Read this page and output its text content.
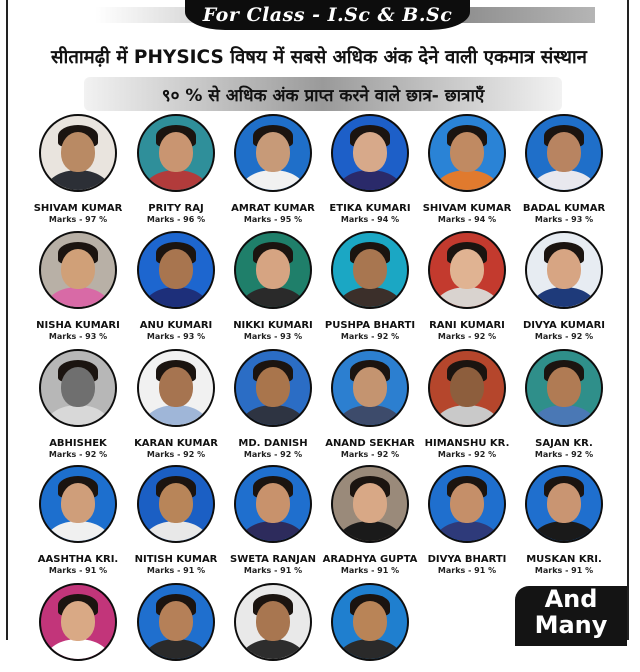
For Class - I.Sc & B.Sc
सीतामढ़ी में PHYSICS विषय में सबसे अधिक अंक देने वाली एकमात्र संस्थान
९० % से अधिक अंक प्राप्त करने वाले छात्र- छात्राएँ
SHIVAM KUMAR
Marks - 97 %
PRITY RAJ
Marks - 96 %
AMRAT KUMAR
Marks - 95 %
ETIKA KUMARI
Marks - 94 %
SHIVAM KUMAR
Marks - 94 %
BADAL KUMAR
Marks - 93 %
NISHA KUMARI
Marks - 93 %
ANU KUMARI
Marks - 93 %
NIKKI KUMARI
Marks - 93 %
PUSHPA BHARTI
Marks - 92 %
RANI KUMARI
Marks - 92 %
DIVYA KUMARI
Marks - 92 %
ABHISHEK
Marks - 92 %
KARAN KUMAR
Marks - 92 %
MD. DANISH
Marks - 92 %
ANAND SEKHAR
Marks - 92 %
HIMANSHU KR.
Marks - 92 %
SAJAN KR.
Marks - 92 %
AASHTHA KRI.
Marks - 91 %
NITISH KUMAR
Marks - 91 %
SWETA RANJAN
Marks - 91 %
ARADHYA GUPTA
Marks - 91 %
DIVYA BHARTI
Marks - 91 %
MUSKAN KRI.
Marks - 91 %
And
Many
